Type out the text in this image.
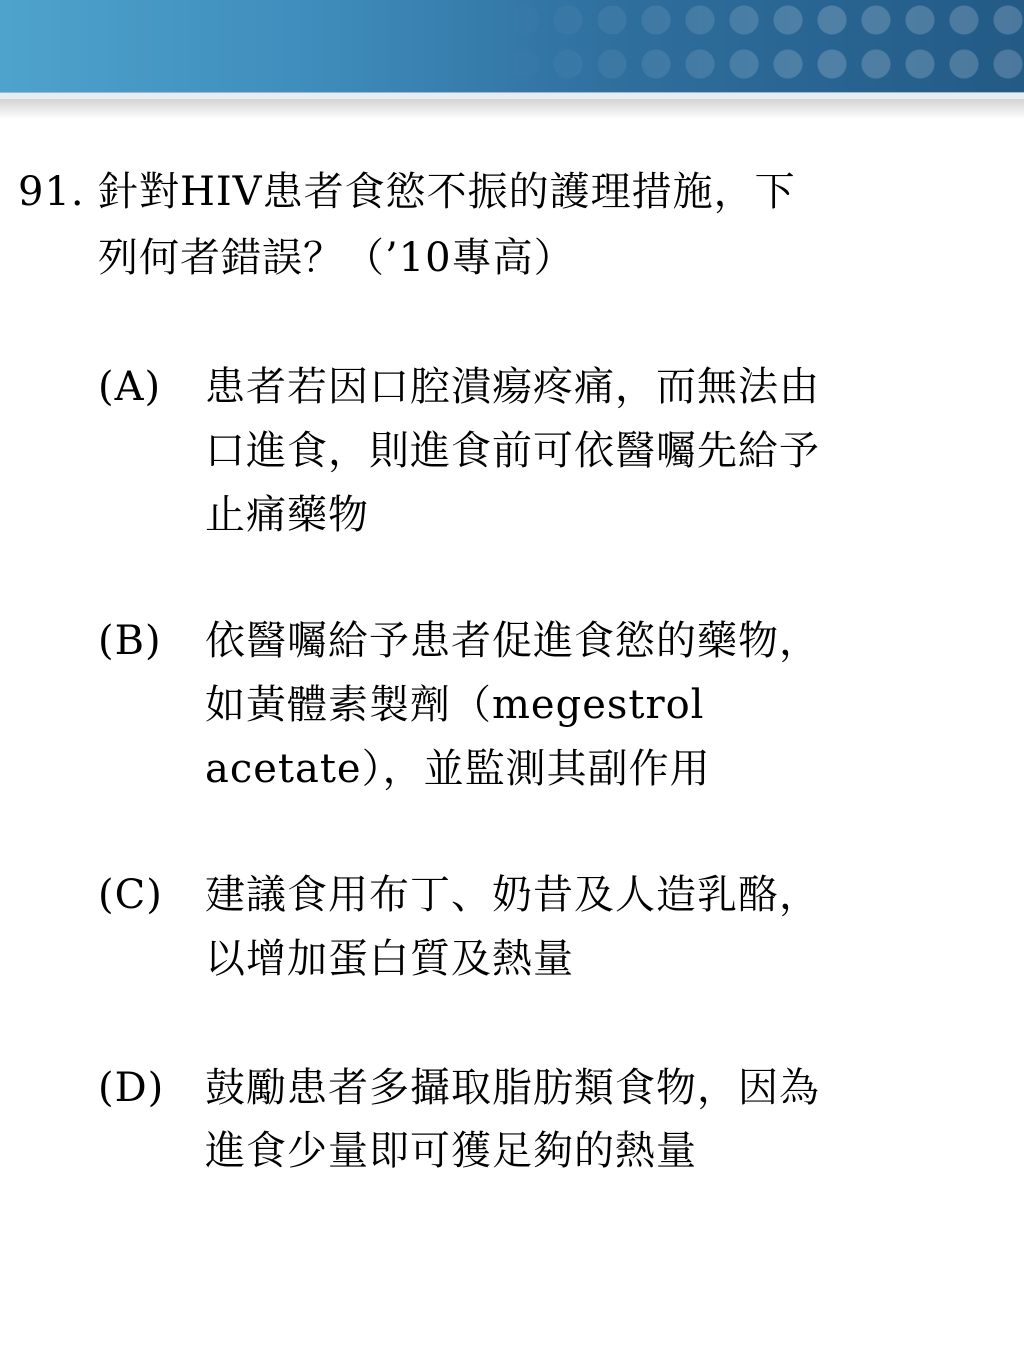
91. 針對HIV患者食慾不振的護理措施，下
列何者錯誤？（’10專高）
(A) 患者若因口腔潰瘍疼痛，而無法由
口進食，則進食前可依醫囑先給予
止痛藥物
(B) 依醫囑給予患者促進食慾的藥物，
如黃體素製劑（megestrol
acetate），並監測其副作用
(C) 建議食用布丁、奶昔及人造乳酪，
以增加蛋白質及熱量
(D) 鼓勵患者多攝取脂肪類食物，因為
進食少量即可獲足夠的熱量
